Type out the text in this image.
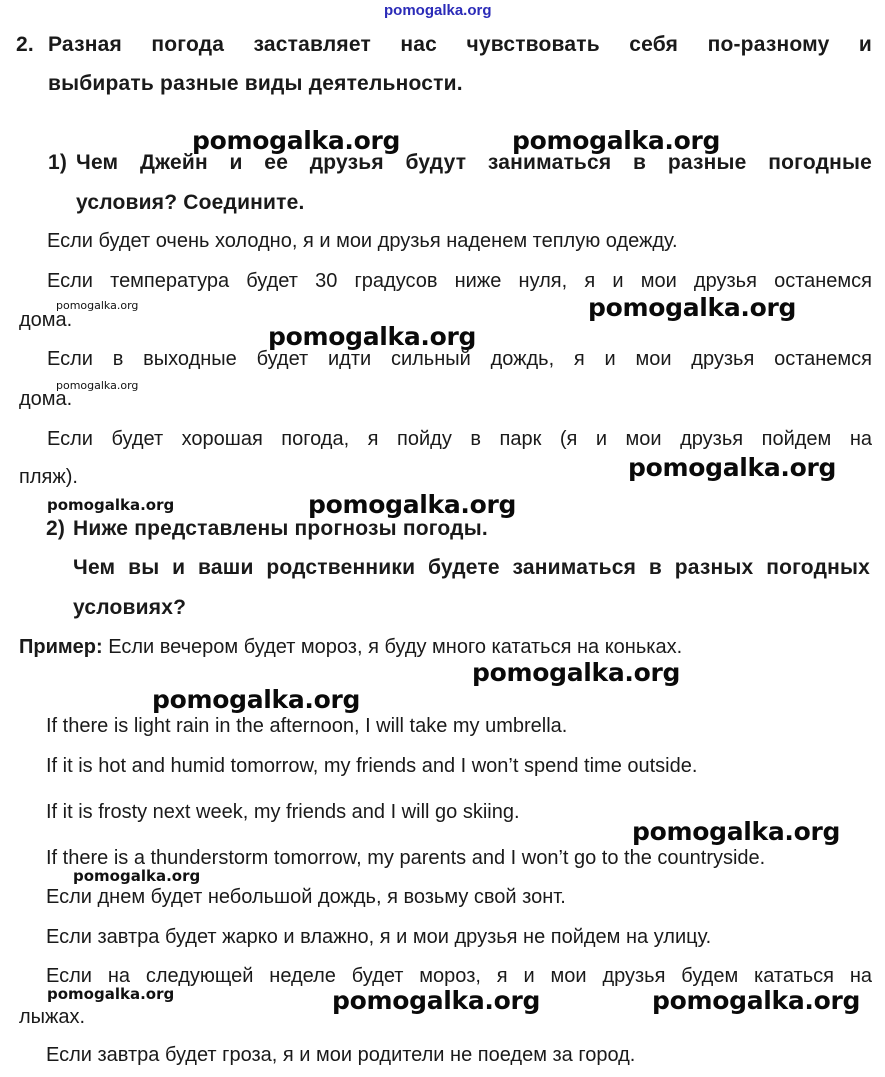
pomogalka.org
2. Разная погода заставляет нас чувствовать себя по-разному и
выбирать разные виды деятельности.
1) Чем Джейн и ее друзья будут заниматься в разные погодные
условия? Соедините.
Если будет очень холодно, я и мои друзья наденем теплую одежду.
Если температура будет 30 градусов ниже нуля, я и мои друзья останемся
дома.
Если в выходные будет идти сильный дождь, я и мои друзья останемся
дома.
Если будет хорошая погода, я пойду в парк (я и мои друзья пойдем на
пляж).
2) Ниже представлены прогнозы погоды.
Чем вы и ваши родственники будете заниматься в разных погодных
условиях?
Пример: Если вечером будет мороз, я буду много кататься на коньках.
If there is light rain in the afternoon, I will take my umbrella.
If it is hot and humid tomorrow, my friends and I won’t spend time outside.
If it is frosty next week, my friends and I will go skiing.
If there is a thunderstorm tomorrow, my parents and I won’t go to the countryside.
Если днем будет небольшой дождь, я возьму свой зонт.
Если завтра будет жарко и влажно, я и мои друзья не пойдем на улицу.
Если на следующей неделе будет мороз, я и мои друзья будем кататься на
лыжах.
Если завтра будет гроза, я и мои родители не поедем за город.
pomogalka.org	pomogalka.org
pomogalka.org	pomogalka.org
pomogalka.org
pomogalka.org
pomogalka.org
pomogalka.org	pomogalka.org
pomogalka.org
pomogalka.org
pomogalka.org
pomogalka.org
pomogalka.org	pomogalka.org	pomogalka.org
